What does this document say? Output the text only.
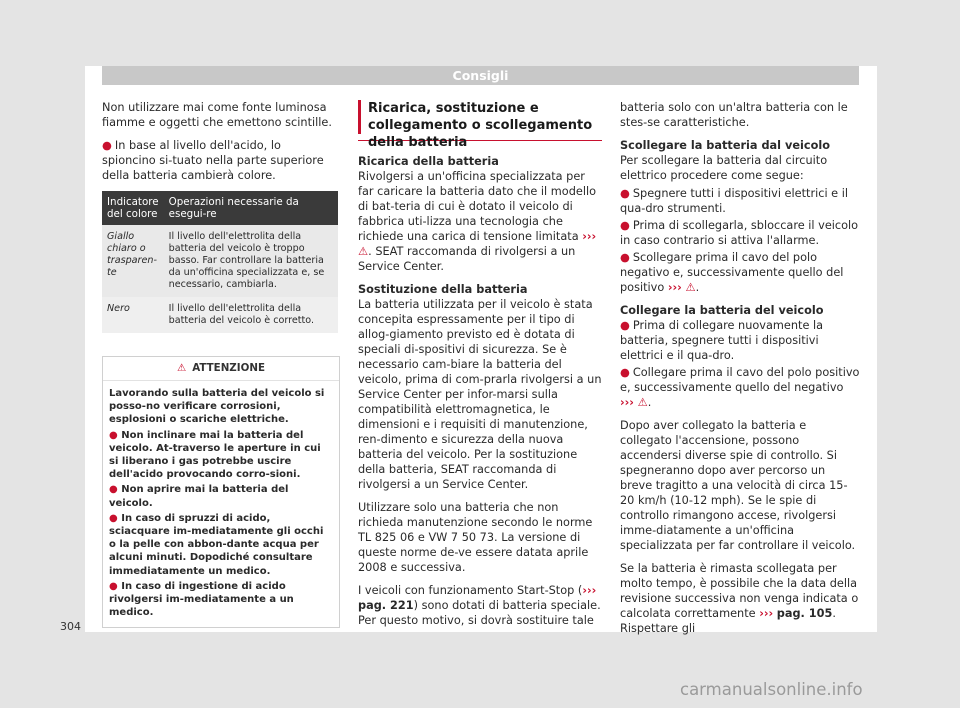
Consigli

Non utilizzare mai come fonte luminosa fiamme e oggetti che emettono scintille.

● In base al livello dell'acido, lo spioncino si-tuato nella parte superiore della batteria cambierà colore.

Indicatore del colore	Operazioni necessarie da esegui-re
Giallo chiaro o trasparen-te	Il livello dell'elettrolita della batteria del veicolo è troppo basso. Far controllare la batteria da un'officina specializzata e, se necessario, cambiarla.
Nero	Il livello dell'elettrolita della batteria del veicolo è corretto.
⚠ ATTENZIONE

Lavorando sulla batteria del veicolo si posso-no verificare corrosioni, esplosioni o scariche elettriche.

● Non inclinare mai la batteria del veicolo. At-traverso le aperture in cui si liberano i gas potrebbe uscire dell'acido provocando corro-sioni.

● Non aprire mai la batteria del veicolo.

● In caso di spruzzi di acido, sciacquare im-mediatamente gli occhi o la pelle con abbon-dante acqua per alcuni minuti. Dopodiché consultare immediatamente un medico.

● In caso di ingestione di acido rivolgersi im-mediatamente a un medico.

Ricarica, sostituzione e collegamento o scollegamento della batteria

Ricarica della batteria

Rivolgersi a un'officina specializzata per far caricare la batteria dato che il modello di bat-teria di cui è dotato il veicolo di fabbrica uti-lizza una tecnologia che richiede una carica di tensione limitata ››› ⚠. SEAT raccomanda di rivolgersi a un Service Center.

Sostituzione della batteria

La batteria utilizzata per il veicolo è stata concepita espressamente per il tipo di allog-giamento previsto ed è dotata di speciali di-spositivi di sicurezza. Se è necessario cam-biare la batteria del veicolo, prima di com-prarla rivolgersi a un Service Center per infor-marsi sulla compatibilità elettromagnetica, le dimensioni e i requisiti di manutenzione, ren-dimento e sicurezza della nuova batteria del veicolo. Per la sostituzione della batteria, SEAT raccomanda di rivolgersi a un Service Center.

Utilizzare solo una batteria che non richieda manutenzione secondo le norme TL 825 06 e VW 7 50 73. La versione di queste norme de-ve essere datata aprile 2008 e successiva.

I veicoli con funzionamento Start-Stop (››› pag. 221) sono dotati di batteria speciale. Per questo motivo, si dovrà sostituire tale

batteria solo con un'altra batteria con le stes-se caratteristiche.

Scollegare la batteria dal veicolo

Per scollegare la batteria dal circuito elettrico procedere come segue:

● Spegnere tutti i dispositivi elettrici e il qua-dro strumenti.

● Prima di scollegarla, sbloccare il veicolo in caso contrario si attiva l'allarme.

● Scollegare prima il cavo del polo negativo e, successivamente quello del positivo ››› ⚠.

Collegare la batteria del veicolo

● Prima di collegare nuovamente la batteria, spegnere tutti i dispositivi elettrici e il qua-dro.

● Collegare prima il cavo del polo positivo e, successivamente quello del negativo ››› ⚠.

Dopo aver collegato la batteria e collegato l'accensione, possono accendersi diverse spie di controllo. Si spegneranno dopo aver percorso un breve tragitto a una velocità di circa 15-20 km/h (10-12 mph). Se le spie di controllo rimangono accese, rivolgersi imme-diatamente a un'officina specializzata per far controllare il veicolo.

Se la batteria è rimasta scollegata per molto tempo, è possibile che la data della revisione successiva non venga indicata o calcolata correttamente ››› pag. 105. Rispettare gli

304
carmanualsonline.info
